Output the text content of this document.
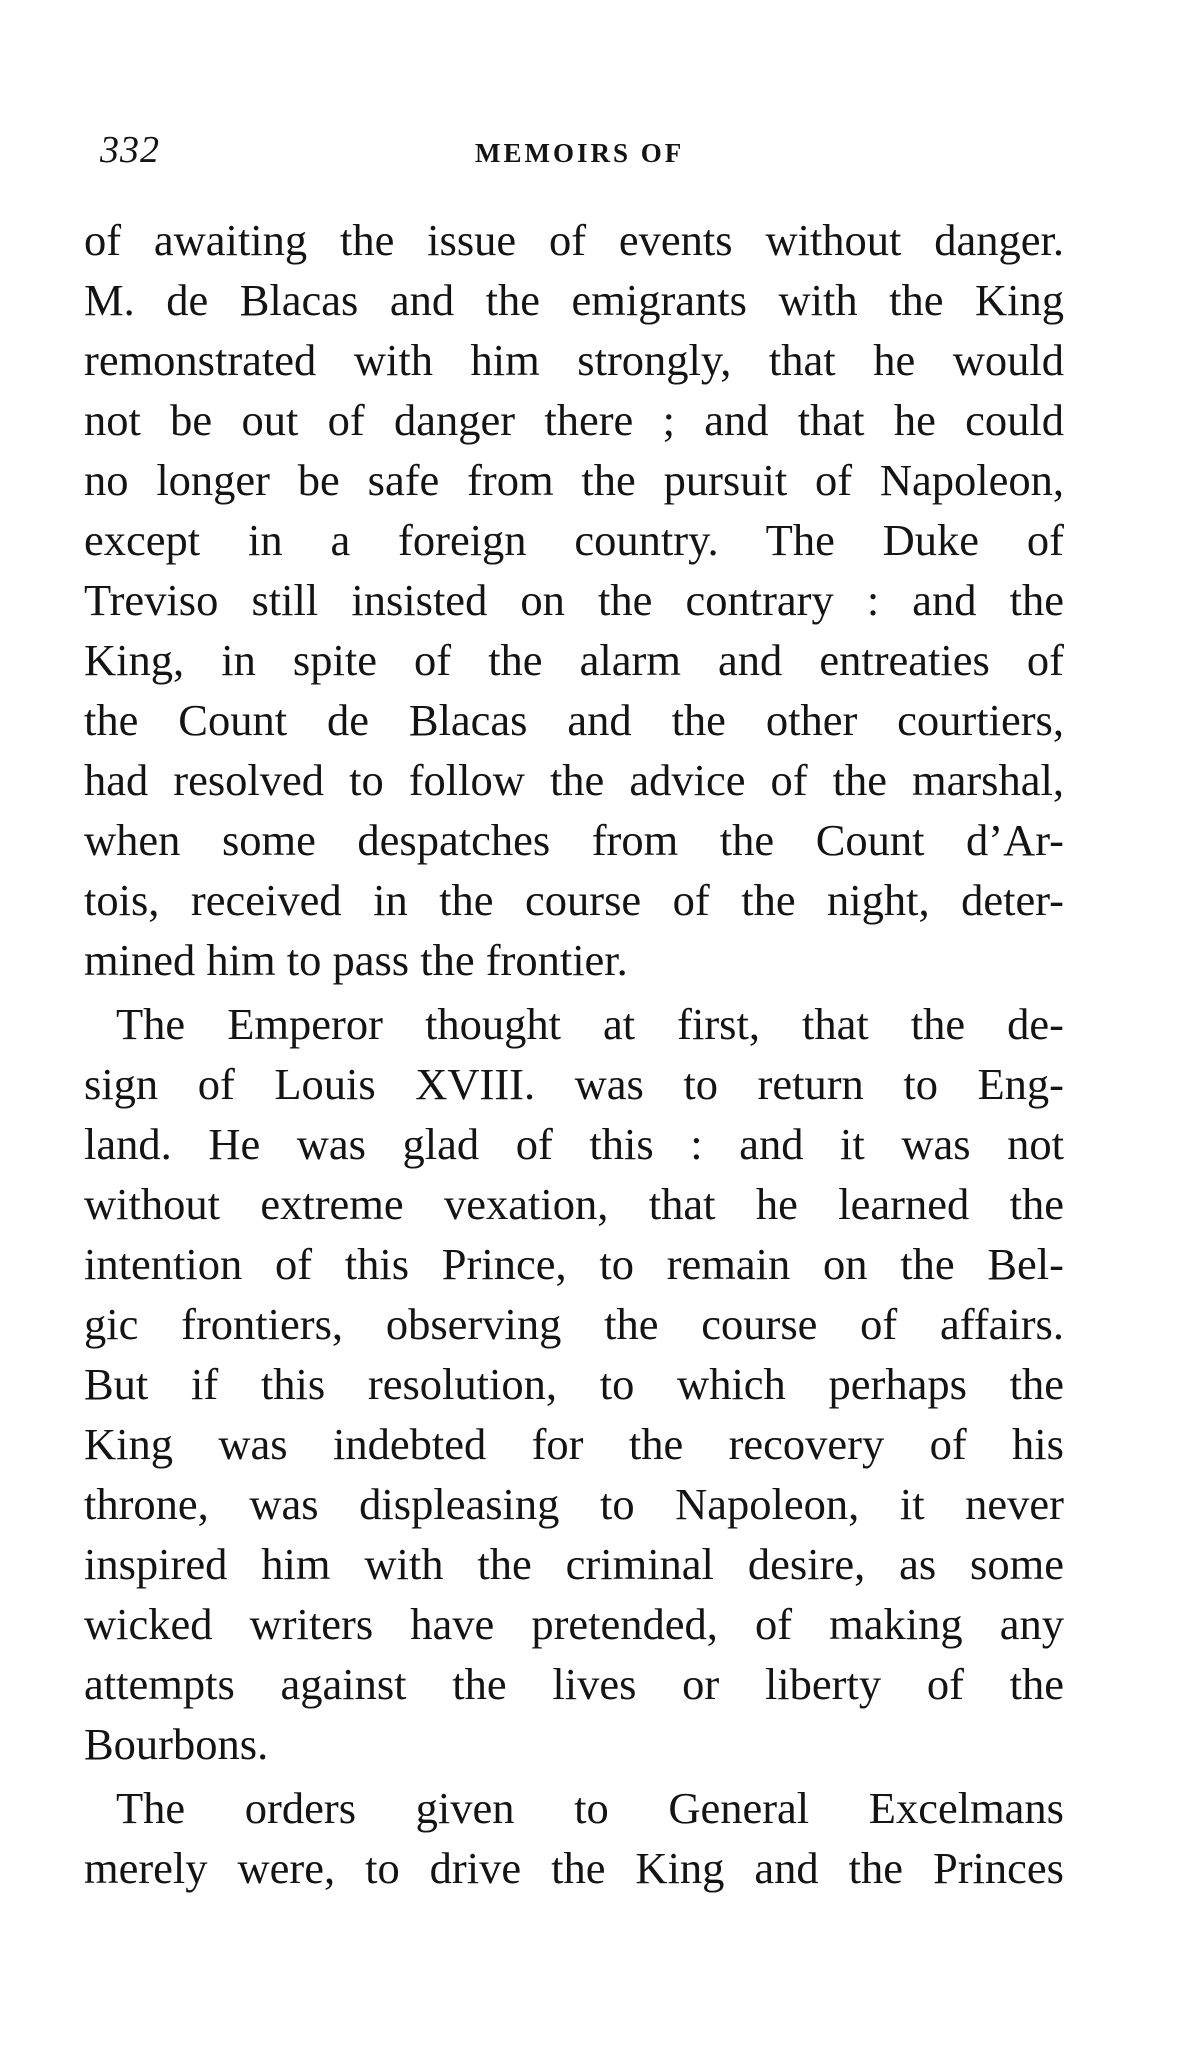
332	MEMOIRS OF
of awaiting the issue of events without danger.
M. de Blacas and the emigrants with the King
remonstrated with him strongly, that he would
not be out of danger there ; and that he could
no longer be safe from the pursuit of Napoleon,
except in a foreign country. The Duke of
Treviso still insisted on the contrary : and the
King, in spite of the alarm and entreaties of
the Count de Blacas and the other courtiers,
had resolved to follow the advice of the marshal,
when some despatches from the Count d’Ar-
tois, received in the course of the night, deter-
mined him to pass the frontier.
The Emperor thought at first, that the de-
sign of Louis XVIII. was to return to Eng-
land. He was glad of this : and it was not
without extreme vexation, that he learned the
intention of this Prince, to remain on the Bel-
gic frontiers, observing the course of affairs.
But if this resolution, to which perhaps the
King was indebted for the recovery of his
throne, was displeasing to Napoleon, it never
inspired him with the criminal desire, as some
wicked writers have pretended, of making any
attempts against the lives or liberty of the
Bourbons.
The orders given to General Excelmans
merely were, to drive the King and the Princes
